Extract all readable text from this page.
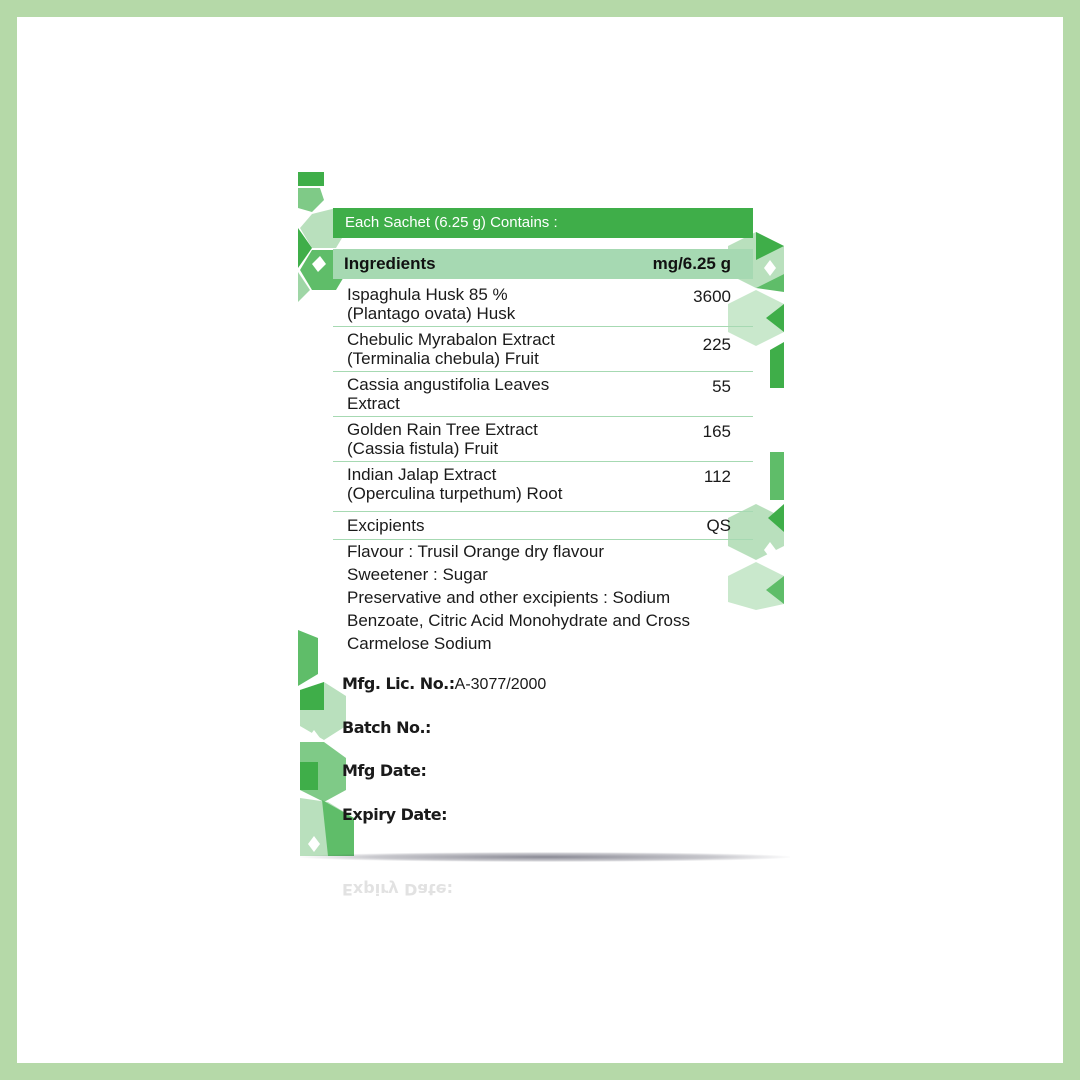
Each Sachet (6.25 g) Contains :
Ingredients	mg/6.25 g
Ispaghula Husk 85 %
(Plantago ovata) Husk
3600
Chebulic Myrabalon Extract
(Terminalia chebula) Fruit
225
Cassia angustifolia Leaves
Extract
55
Golden Rain Tree Extract
(Cassia fistula) Fruit
165
Indian Jalap Extract
(Operculina turpethum) Root
112
Excipients	QS
Flavour : Trusil Orange dry flavour
Sweetener : Sugar
Preservative and other excipients : Sodium
Benzoate, Citric Acid Monohydrate and Cross
Carmelose Sodium
Mfg. Lic. No.:A-3077/2000
Batch No.:
Mfg Date:
Expiry Date:
Expiry Date:
